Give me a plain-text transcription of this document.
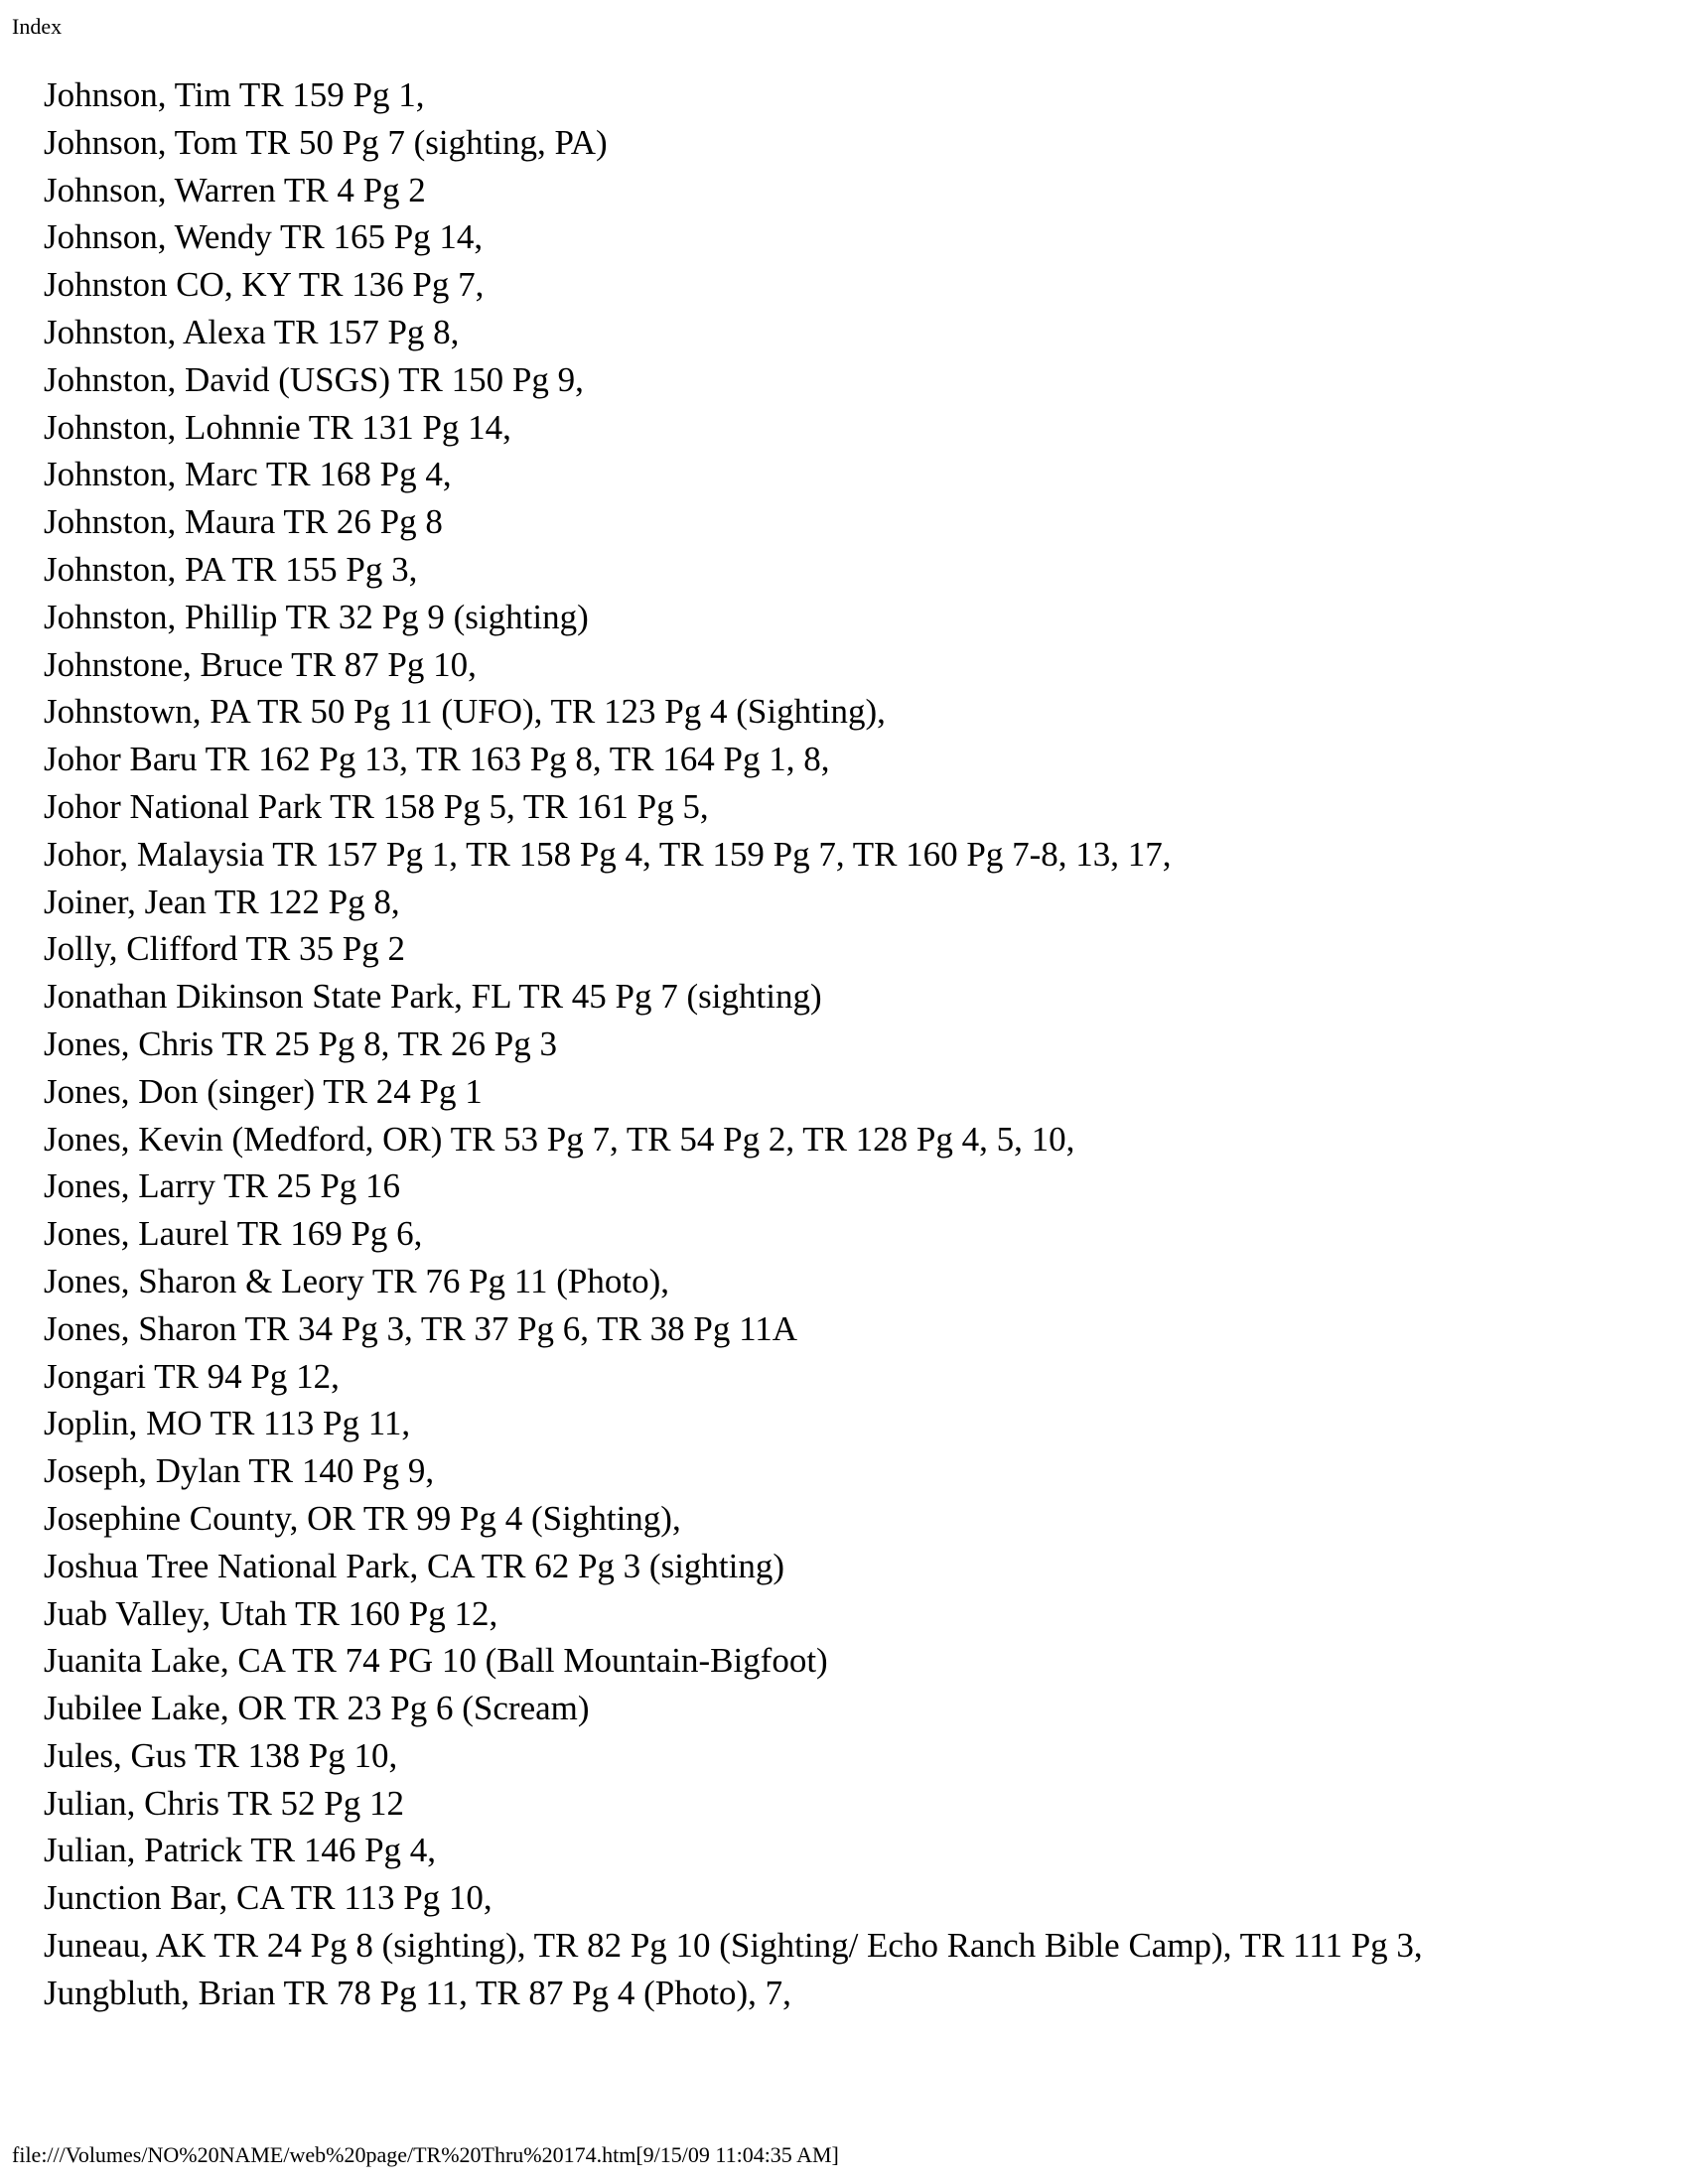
Index
Johnson, Tim TR 159 Pg 1,
Johnson, Tom TR 50 Pg 7 (sighting, PA)
Johnson, Warren TR 4 Pg 2
Johnson, Wendy TR 165 Pg 14,
Johnston CO, KY TR 136 Pg 7,
Johnston, Alexa TR 157 Pg 8,
Johnston, David (USGS) TR 150 Pg 9,
Johnston, Lohnnie TR 131 Pg 14,
Johnston, Marc TR 168 Pg 4,
Johnston, Maura TR 26 Pg 8
Johnston, PA TR 155 Pg 3,
Johnston, Phillip TR 32 Pg 9 (sighting)
Johnstone, Bruce TR 87 Pg 10,
Johnstown, PA TR 50 Pg 11 (UFO), TR 123 Pg 4 (Sighting),
Johor Baru TR 162 Pg 13, TR 163 Pg 8, TR 164 Pg 1, 8,
Johor National Park TR 158 Pg 5, TR 161 Pg 5,
Johor, Malaysia TR 157 Pg 1, TR 158 Pg 4, TR 159 Pg 7, TR 160 Pg 7-8, 13, 17,
Joiner, Jean TR 122 Pg 8,
Jolly, Clifford TR 35 Pg 2
Jonathan Dikinson State Park, FL TR 45 Pg 7 (sighting)
Jones, Chris TR 25 Pg 8, TR 26 Pg 3
Jones, Don (singer) TR 24 Pg 1
Jones, Kevin (Medford, OR) TR 53 Pg 7, TR 54 Pg 2, TR 128 Pg 4, 5, 10,
Jones, Larry TR 25 Pg 16
Jones, Laurel TR 169 Pg 6,
Jones, Sharon & Leory TR 76 Pg 11 (Photo),
Jones, Sharon TR 34 Pg 3, TR 37 Pg 6, TR 38 Pg 11A
Jongari TR 94 Pg 12,
Joplin, MO TR 113 Pg 11,
Joseph, Dylan TR 140 Pg 9,
Josephine County, OR TR 99 Pg 4 (Sighting),
Joshua Tree National Park, CA TR 62 Pg 3 (sighting)
Juab Valley, Utah TR 160 Pg 12,
Juanita Lake, CA TR 74 PG 10 (Ball Mountain-Bigfoot)
Jubilee Lake, OR TR 23 Pg 6 (Scream)
Jules, Gus TR 138 Pg 10,
Julian, Chris TR 52 Pg 12
Julian, Patrick TR 146 Pg 4,
Junction Bar, CA TR 113 Pg 10,
Juneau, AK TR 24 Pg 8 (sighting), TR 82 Pg 10 (Sighting/ Echo Ranch Bible Camp), TR 111 Pg 3,
Jungbluth, Brian TR 78 Pg 11, TR 87 Pg 4 (Photo), 7,
file:///Volumes/NO%20NAME/web%20page/TR%20Thru%20174.htm[9/15/09 11:04:35 AM]
